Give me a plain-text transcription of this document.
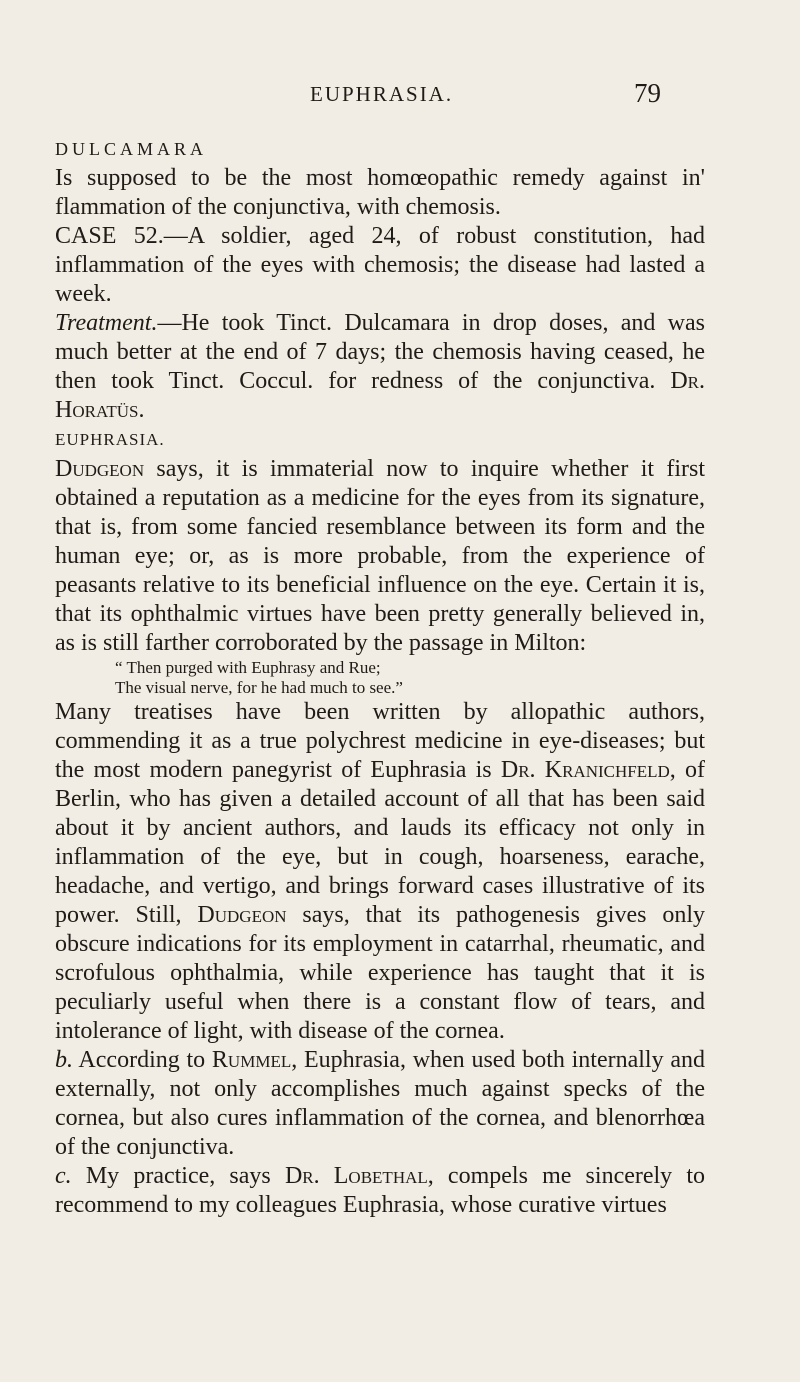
EUPHRASIA.	79

DULCAMARA

Is supposed to be the most homœopathic remedy against in' flammation of the conjunctiva, with chemosis.

CASE 52.—A soldier, aged 24, of robust constitution, had inflammation of the eyes with chemosis; the disease had lasted a week.

Treatment.—He took Tinct. Dulcamara in drop doses, and was much better at the end of 7 days; the chemosis having ceased, he then took Tinct. Coccul. for redness of the conjunctiva. Dr. Horatüs.

EUPHRASIA.

Dudgeon says, it is immaterial now to inquire whether it first obtained a reputation as a medicine for the eyes from its signature, that is, from some fancied resemblance between its form and the human eye; or, as is more probable, from the experience of peasants relative to its beneficial influence on the eye. Certain it is, that its ophthalmic virtues have been pretty generally believed in, as is still farther corroborated by the passage in Milton:

“ Then purged with Euphrasy and Rue;
The visual nerve, for he had much to see.”

Many treatises have been written by allopathic authors, commending it as a true polychrest medicine in eye-diseases; but the most modern panegyrist of Euphrasia is Dr. Kranichfeld, of Berlin, who has given a detailed account of all that has been said about it by ancient authors, and lauds its efficacy not only in inflammation of the eye, but in cough, hoarseness, earache, headache, and vertigo, and brings forward cases illustrative of its power. Still, Dudgeon says, that its pathogenesis gives only obscure indications for its employment in catarrhal, rheumatic, and scrofulous ophthalmia, while experience has taught that it is peculiarly useful when there is a constant flow of tears, and intolerance of light, with disease of the cornea.

b. According to Rummel, Euphrasia, when used both internally and externally, not only accomplishes much against specks of the cornea, but also cures inflammation of the cornea, and blenorrhœa of the conjunctiva.

c. My practice, says Dr. Lobethal, compels me sincerely to recommend to my colleagues Euphrasia, whose curative virtues
